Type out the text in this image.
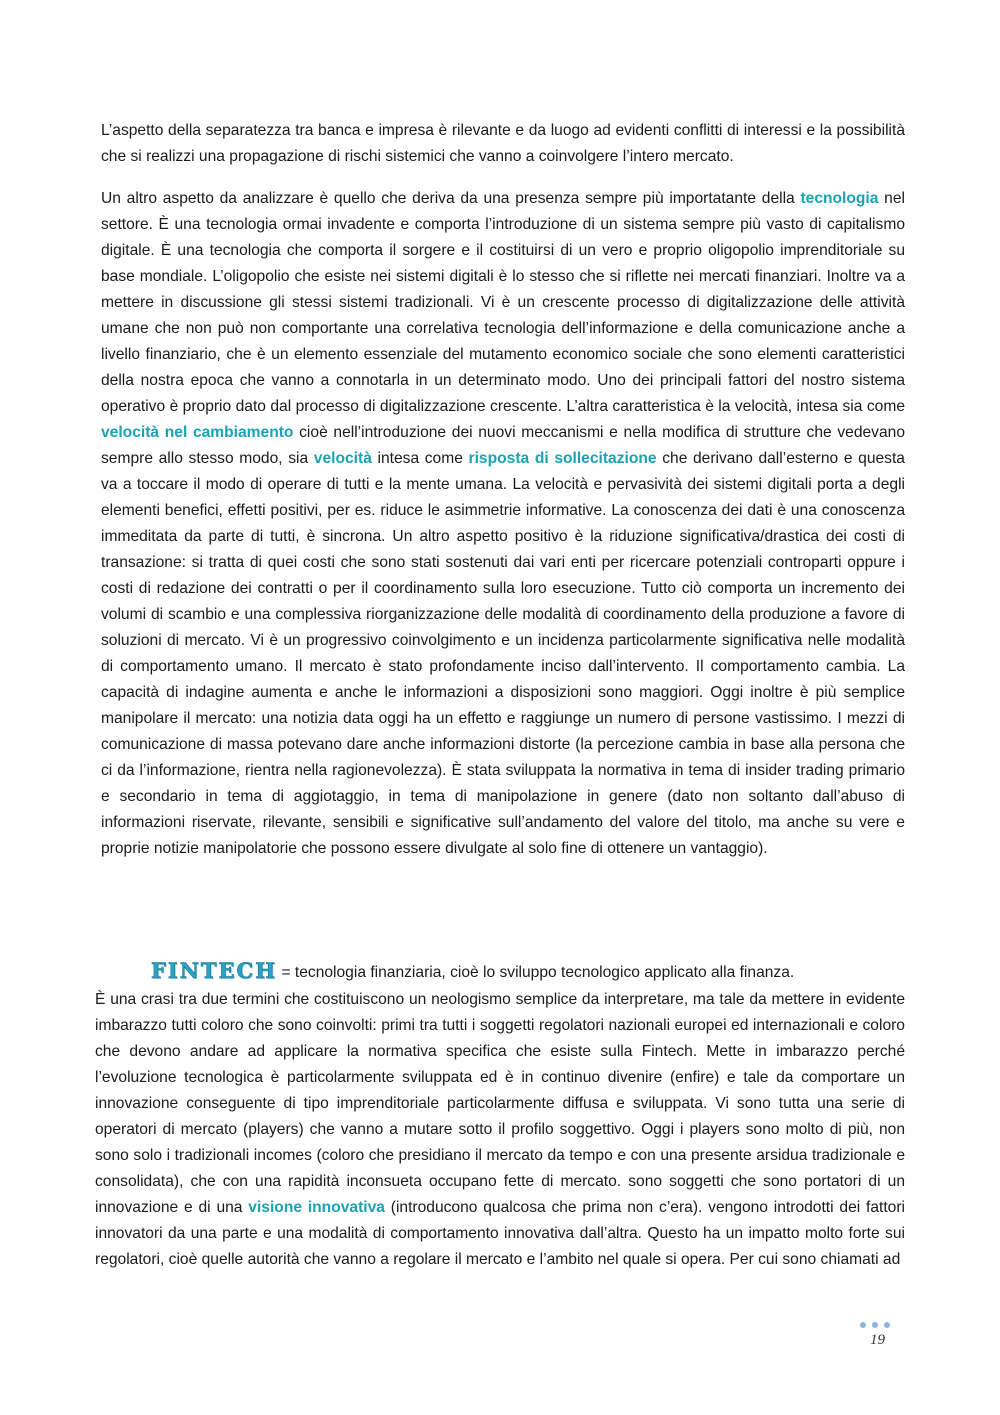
L’aspetto della separatezza tra banca e impresa è rilevante e da luogo ad evidenti conflitti di interessi e la possibilità che si realizzi una propagazione di rischi sistemici che vanno a coinvolgere l’intero mercato.

Un altro aspetto da analizzare è quello che deriva da una presenza sempre più importatante della tecnologia nel settore. È una tecnologia ormai invadente e comporta l’introduzione di un sistema sempre più vasto di capitalismo digitale. È una tecnologia che comporta il sorgere e il costituirsi di un vero e proprio oligopolio imprenditoriale su base mondiale. L’oligopolio che esiste nei sistemi digitali è lo stesso che si riflette nei mercati finanziari. Inoltre va a mettere in discussione gli stessi sistemi tradizionali. Vi è un crescente processo di digitalizzazione delle attività umane che non può non comportante una correlativa tecnologia dell’informazione e della comunicazione anche a livello finanziario, che è un elemento essenziale del mutamento economico sociale che sono elementi caratteristici della nostra epoca che vanno a connotarla in un determinato modo. Uno dei principali fattori del nostro sistema operativo è proprio dato dal processo di digitalizzazione crescente. L’altra caratteristica è la velocità, intesa sia come velocità nel cambiamento cioè nell’introduzione dei nuovi meccanismi e nella modifica di strutture che vedevano sempre allo stesso modo, sia velocità intesa come risposta di sollecitazione che derivano dall’esterno e questa va a toccare il modo di operare di tutti e la mente umana. La velocità e pervasività dei sistemi digitali porta a degli elementi benefici, effetti positivi, per es. riduce le asimmetrie informative. La conoscenza dei dati è una conoscenza immeditata da parte di tutti, è sincrona. Un altro aspetto positivo è la riduzione significativa/drastica dei costi di transazione: si tratta di quei costi che sono stati sostenuti dai vari enti per ricercare potenziali controparti oppure i costi di redazione dei contratti o per il coordinamento sulla loro esecuzione. Tutto ciò comporta un incremento dei volumi di scambio e una complessiva riorganizzazione delle modalità di coordinamento della produzione a favore di soluzioni di mercato. Vi è un progressivo coinvolgimento e un incidenza particolarmente significativa nelle modalità di comportamento umano. Il mercato è stato profondamente inciso dall’intervento. Il comportamento cambia. La capacità di indagine aumenta e anche le informazioni a disposizioni sono maggiori. Oggi inoltre è più semplice manipolare il mercato: una notizia data oggi ha un effetto e raggiunge un numero di persone vastissimo. I mezzi di comunicazione di massa potevano dare anche informazioni distorte (la percezione cambia in base alla persona che ci da l’informazione, rientra nella ragionevolezza). È stata sviluppata la normativa in tema di insider trading primario e secondario in tema di aggiotaggio, in tema di manipolazione in genere (dato non soltanto dall’abuso di informazioni riservate, rilevante, sensibili e significative sull’andamento del valore del titolo, ma anche su vere e proprie notizie manipolatorie che possono essere divulgate al solo fine di ottenere un vantaggio).

FINTECH = tecnologia finanziaria, cioè lo sviluppo tecnologico applicato alla finanza.

È una crasi tra due termini che costituiscono un neologismo semplice da interpretare, ma tale da mettere in evidente imbarazzo tutti coloro che sono coinvolti: primi tra tutti i soggetti regolatori nazionali europei ed internazionali e coloro che devono andare ad applicare la normativa specifica che esiste sulla Fintech. Mette in imbarazzo perché l’evoluzione tecnologica è particolarmente sviluppata ed è in continuo divenire (enfire) e tale da comportare un innovazione conseguente di tipo imprenditoriale particolarmente diffusa e sviluppata. Vi sono tutta una serie di operatori di mercato (players) che vanno a mutare sotto il profilo soggettivo. Oggi i players sono molto di più, non sono solo i tradizionali incomes (coloro che presidiano il mercato da tempo e con una presente arsidua tradizionale e consolidata), che con una rapidità inconsueta occupano fette di mercato. sono soggetti che sono portatori di un innovazione e di una visione innovativa (introducono qualcosa che prima non c’era). vengono introdotti dei fattori innovatori da una parte e una modalità di comportamento innovativa dall’altra. Questo ha un impatto molto forte sui regolatori, cioè quelle autorità che vanno a regolare il mercato e l’ambito nel quale si opera. Per cui sono chiamati ad

19
